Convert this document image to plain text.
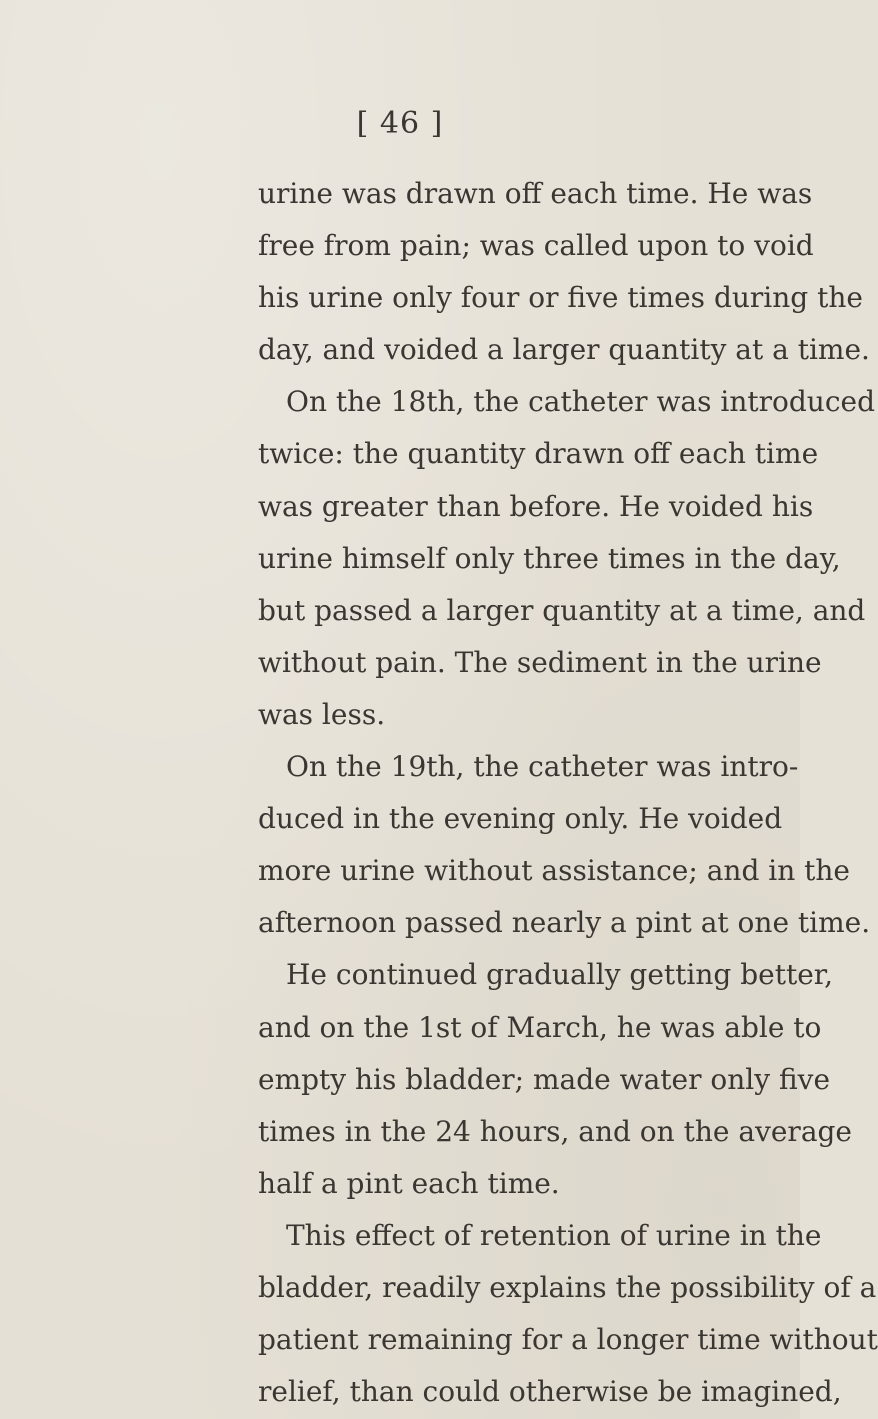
[ 46 ]
urine was drawn off each time. He was
free from pain; was called upon to void
his urine only four or five times during the
day, and voided a larger quantity at a time.
On the 18th, the catheter was introduced
twice: the quantity drawn off each time
was greater than before. He voided his
urine himself only three times in the day,
but passed a larger quantity at a time, and
without pain. The sediment in the urine
was less.
On the 19th, the catheter was intro-
duced in the evening only. He voided
more urine without assistance; and in the
afternoon passed nearly a pint at one time.
He continued gradually getting better,
and on the 1st of March, he was able to
empty his bladder; made water only five
times in the 24 hours, and on the average
half a pint each time.
This effect of retention of urine in the
bladder, readily explains the possibility of a
patient remaining for a longer time without
relief, than could otherwise be imagined,
